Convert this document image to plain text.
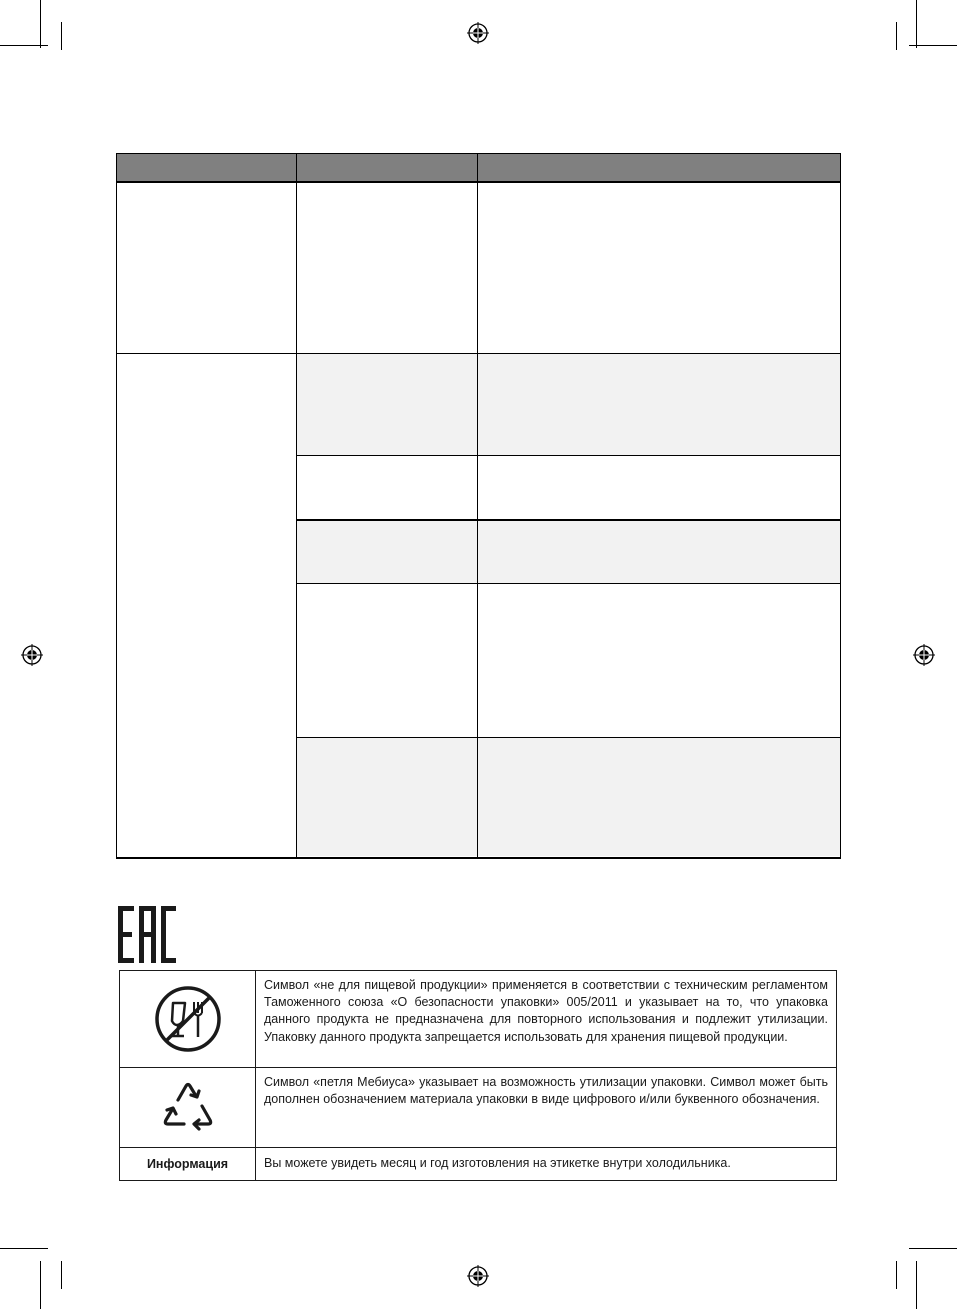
Символ «не для пищевой продукции» применяется в соответствии с техническим регламентом Таможенного союза «О безопасности упаковки» 005/2011 и указывает на то, что упаковка данного продукта не предназначена для повторного использования и подлежит утилизации. Упаковку данного продукта запрещается использовать для хранения пищевой продукции.
Символ «петля Мебиуса» указывает на возможность утилизации упаковки. Символ может быть дополнен обозначением материала упаковки в виде цифрового и/или буквенного обозначения.
Информация	Вы можете увидеть месяц и год изготовления на этикетке внутри холодильника.
